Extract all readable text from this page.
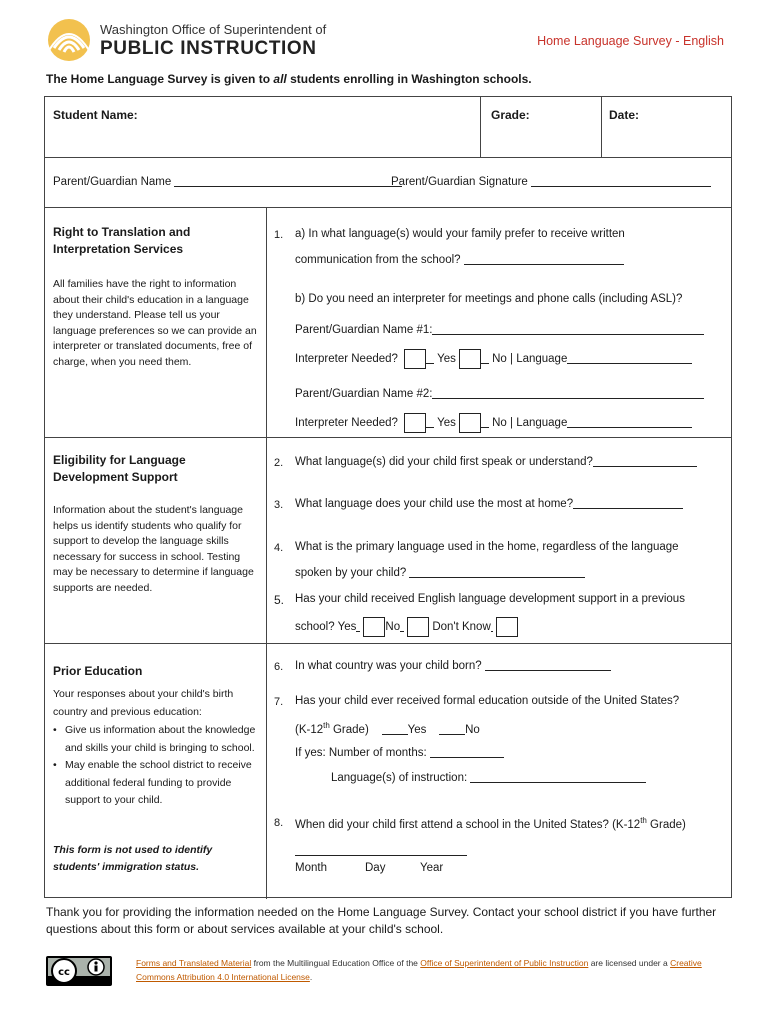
Washington Office of Superintendent of
PUBLIC INSTRUCTION	Home Language Survey - English
The Home Language Survey is given to all students enrolling in Washington schools.
Student Name:	Grade:	Date:
Parent/Guardian Name	Parent/Guardian Signature
Right to Translation and Interpretation Services
All families have the right to information about their child's education in a language they understand. Please tell us your language preferences so we can provide an interpreter or translated documents, free of charge, when you need them.
1. a) In what language(s) would your family prefer to receive written
communication from the school?
b) Do you need an interpreter for meetings and phone calls (including ASL)?
Parent/Guardian Name #1:
Interpreter Needed?	Yes	No | Language
Parent/Guardian Name #2:
Interpreter Needed?	Yes	No | Language
Eligibility for Language Development Support
Information about the student's language helps us identify students who qualify for support to develop the language skills necessary for success in school. Testing may be necessary to determine if language supports are needed.
2. What language(s) did your child first speak or understand?
3. What language does your child use the most at home?
4. What is the primary language used in the home, regardless of the language
spoken by your child?
5. Has your child received English language development support in a previous
school? Yes	No	Don't Know
Prior Education
Your responses about your child's birth country and previous education:
• Give us information about the knowledge and skills your child is bringing to school.
• May enable the school district to receive additional federal funding to provide support to your child.
This form is not used to identify students' immigration status.
6. In what country was your child born?
7. Has your child ever received formal education outside of the United States?
(K-12th Grade)	Yes	No
If yes: Number of months:
Language(s) of instruction:
8. When did your child first attend a school in the United States? (K-12th Grade)
Month	Day	Year
Thank you for providing the information needed on the Home Language Survey. Contact your school district if you have further questions about this form or about services available at your child's school.
cc
Forms and Translated Material from the Multilingual Education Office of the Office of Superintendent of Public Instruction are licensed under a Creative Commons Attribution 4.0 International License.
